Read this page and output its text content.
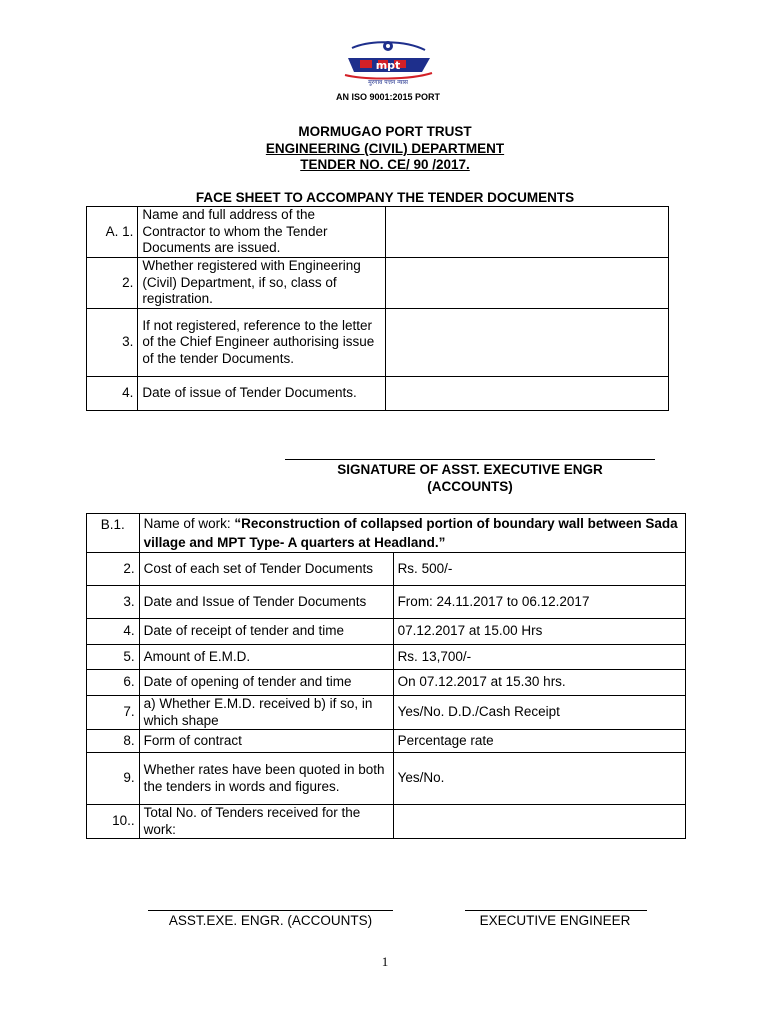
mpt
मुरगाव पत्तन न्यास
AN ISO 9001:2015 PORT
MORMUGAO PORT TRUST
ENGINEERING (CIVIL) DEPARTMENT
TENDER NO. CE/ 90 /2017.
FACE SHEET TO ACCOMPANY THE TENDER DOCUMENTS
A. 1.	Name and full address of the Contractor to whom the Tender Documents are issued.	
2.	Whether registered with Engineering (Civil) Department, if so, class of registration.	
3.	If not registered, reference to the letter of the Chief Engineer authorising issue of the tender Documents.	
4.	Date of issue of Tender Documents.	
SIGNATURE OF ASST. EXECUTIVE ENGR
(ACCOUNTS)
B.1.	Name of work: “Reconstruction of collapsed portion of boundary wall between Sada village and MPT Type- A quarters at Headland.”	
2.	Cost of each set of Tender Documents	Rs. 500/-
3.	Date and Issue of Tender Documents	From: 24.11.2017 to 06.12.2017
4.	Date of receipt of tender and time	07.12.2017 at 15.00 Hrs
5.	Amount of E.M.D.	Rs. 13,700/-
6.	Date of opening of tender and time	On 07.12.2017 at 15.30 hrs.
7.	a) Whether E.M.D. received b) if so, in which shape	Yes/No. D.D./Cash Receipt
8.	Form of contract	Percentage rate
9.	Whether rates have been quoted in both the tenders in words and figures.	Yes/No.
10..	Total No. of Tenders received for the work:	
ASST.EXE. ENGR. (ACCOUNTS)	EXECUTIVE ENGINEER
1
